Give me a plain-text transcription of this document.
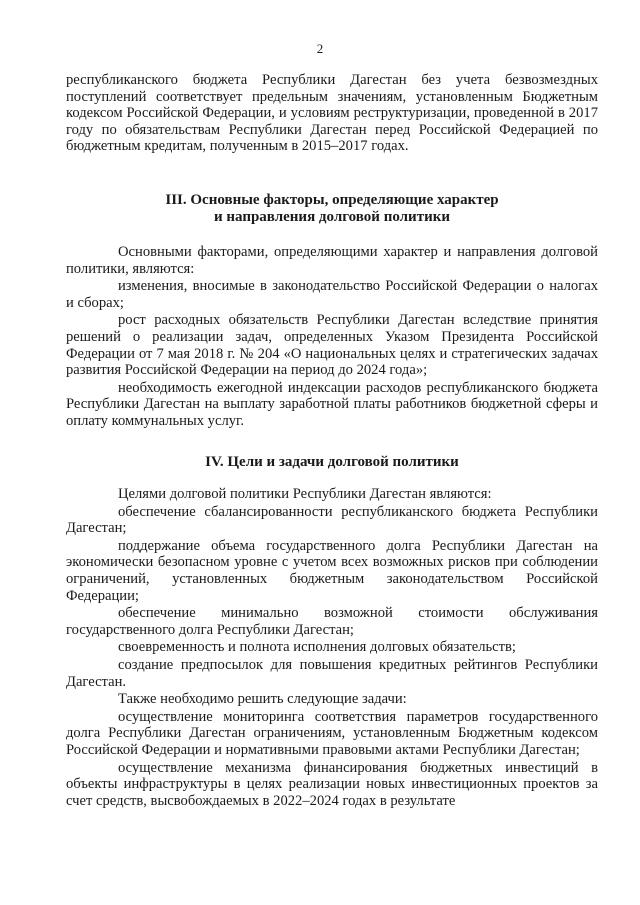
2

республиканского бюджета Республики Дагестан без учета безвозмездных поступлений соответствует предельным значениям, установленным Бюджетным кодексом Российской Федерации, и условиям реструктуризации, проведенной в 2017 году по обязательствам Республики Дагестан перед Российской Федерацией по бюджетным кредитам, полученным в 2015–2017 годах.

III. Основные факторы, определяющие характер
и направления долговой политики

Основными факторами, определяющими характер и направления долговой политики, являются:

изменения, вносимые в законодательство Российской Федерации о налогах и сборах;

рост расходных обязательств Республики Дагестан вследствие принятия решений о реализации задач, определенных Указом Президента Российской Федерации от 7 мая 2018 г. № 204 «О национальных целях и стратегических задачах развития Российской Федерации на период до 2024 года»;

необходимость ежегодной индексации расходов республиканского бюджета Республики Дагестан на выплату заработной платы работников бюджетной сферы и оплату коммунальных услуг.

IV. Цели и задачи долговой политики

Целями долговой политики Республики Дагестан являются:

обеспечение сбалансированности республиканского бюджета Республики Дагестан;

поддержание объема государственного долга Республики Дагестан на экономически безопасном уровне с учетом всех возможных рисков при соблюдении ограничений, установленных бюджетным законодательством Российской Федерации;

обеспечение минимально возможной стоимости обслуживания государственного долга Республики Дагестан;

своевременность и полнота исполнения долговых обязательств;

создание предпосылок для повышения кредитных рейтингов Республики Дагестан.

Также необходимо решить следующие задачи:

осуществление мониторинга соответствия параметров государственного долга Республики Дагестан ограничениям, установленным Бюджетным кодексом Российской Федерации и нормативными правовыми актами Республики Дагестан;

осуществление механизма финансирования бюджетных инвестиций в объекты инфраструктуры в целях реализации новых инвестиционных проектов за счет средств, высвобождаемых в 2022–2024 годах в результате
